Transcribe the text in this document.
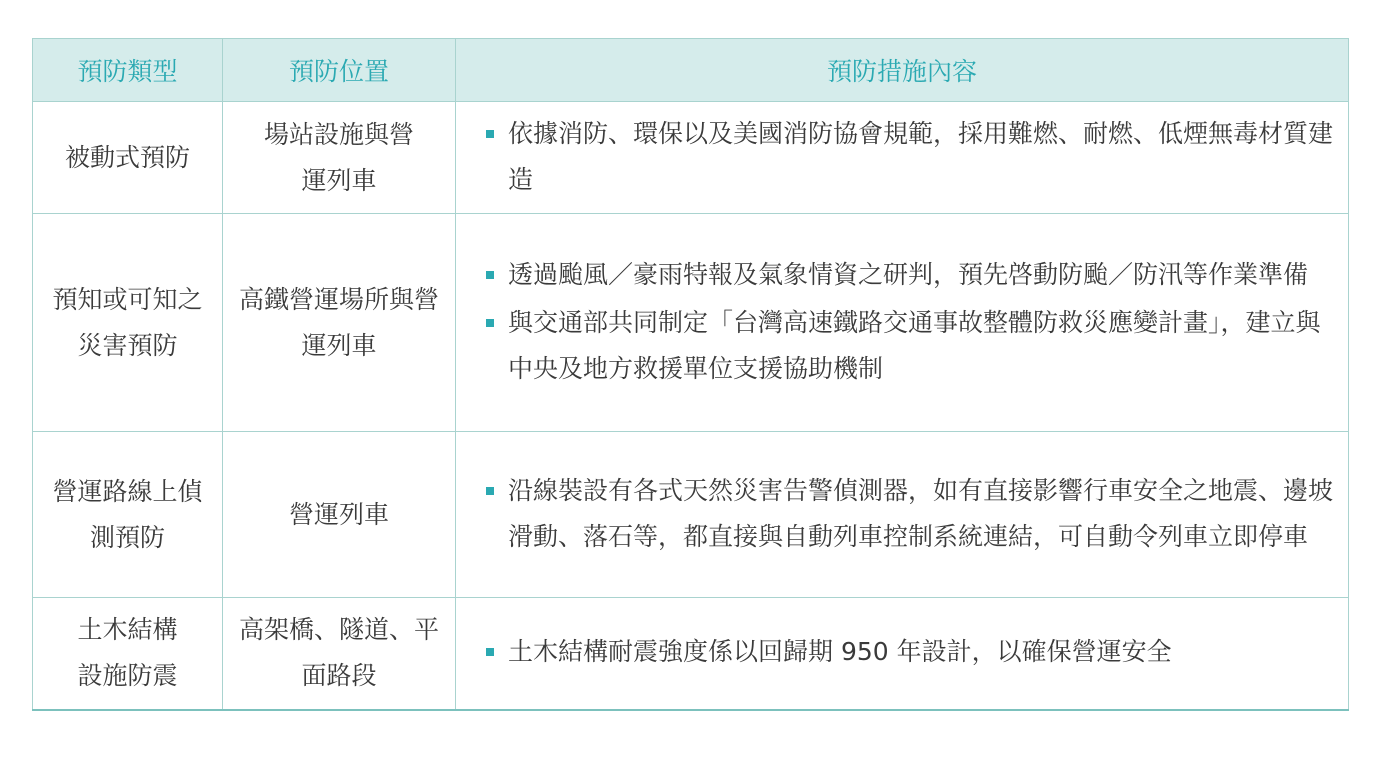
預防類型	預防位置	預防措施內容
被動式預防	場站設施與營運列車	依據消防、環保以及美國消防協會規範，採用難燃、耐燃、低煙無毒材質建造

預知或可知之災害預防	高鐵營運場所與營運列車	透過颱風／豪雨特報及氣象情資之研判，預先啓動防颱／防汛等作業準備
與交通部共同制定「台灣高速鐵路交通事故整體防救災應變計畫」，建立與中央及地方救援單位支援協助機制

營運路線上偵測預防	營運列車	沿線裝設有各式天然災害告警偵測器，如有直接影響行車安全之地震、邊坡滑動、落石等，都直接與自動列車控制系統連結，可自動令列車立即停車

土木結構設施防震	高架橋、隧道、平面路段	土木結構耐震強度係以回歸期 950 年設計，以確保營運安全
